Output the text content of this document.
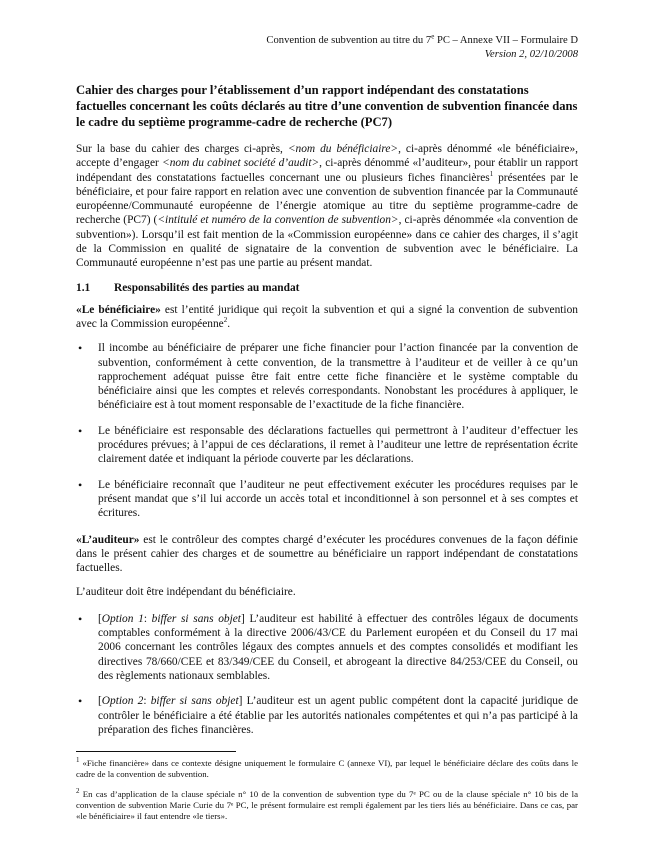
Convention de subvention au titre du 7e PC – Annexe VII – Formulaire D
Version 2, 02/10/2008
Cahier des charges pour l’établissement d’un rapport indépendant des constatations factuelles concernant les coûts déclarés au titre d’une convention de subvention financée dans le cadre du septième programme-cadre de recherche (PC7)

Sur la base du cahier des charges ci-après, <nom du bénéficiaire>, ci-après dénommé «le bénéficiaire», accepte d’engager <nom du cabinet société d’audit>, ci-après dénommé «l’auditeur», pour établir un rapport indépendant des constatations factuelles concernant une ou plusieurs fiches financières$^1$ présentées par le bénéficiaire, et pour faire rapport en relation avec une convention de subvention financée par la Communauté européenne/Communauté européenne de l’énergie atomique au titre du septième programme-cadre de recherche (PC7) (<intitulé et numéro de la convention de subvention>, ci-après dénommée «la convention de subvention»). Lorsqu’il est fait mention de la «Commission européenne» dans ce cahier des charges, il s’agit de la Commission en qualité de signataire de la convention de subvention avec le bénéficiaire. La Communauté européenne n’est pas une partie au présent mandat.

1.1	Responsabilités des parties au mandat

«Le bénéficiaire» est l’entité juridique qui reçoit la subvention et qui a signé la convention de subvention avec la Commission européenne$^2$.

• Il incombe au bénéficiaire de préparer une fiche financier pour l’action financée par la convention de subvention, conformément à cette convention, de la transmettre à l’auditeur et de veiller à ce qu’un rapprochement adéquat puisse être fait entre cette fiche financière et le système comptable du bénéficiaire ainsi que les comptes et relevés correspondants. Nonobstant les procédures à appliquer, le bénéficiaire est à tout moment responsable de l’exactitude de la fiche financière.
• Le bénéficiaire est responsable des déclarations factuelles qui permettront à l’auditeur d’effectuer les procédures prévues; à l’appui de ces déclarations, il remet à l’auditeur une lettre de représentation écrite clairement datée et indiquant la période couverte par les déclarations.
• Le bénéficiaire reconnaît que l’auditeur ne peut effectivement exécuter les procédures requises par le présent mandat que s’il lui accorde un accès total et inconditionnel à son personnel et à ses comptes et écritures.

«L’auditeur» est le contrôleur des comptes chargé d’exécuter les procédures convenues de la façon définie dans le présent cahier des charges et de soumettre au bénéficiaire un rapport indépendant de constatations factuelles.

L’auditeur doit être indépendant du bénéficiaire.

• [Option 1: biffer si sans objet] L’auditeur est habilité à effectuer des contrôles légaux de documents comptables conformément à la directive 2006/43/CE du Parlement européen et du Conseil du 17 mai 2006 concernant les contrôles légaux des comptes annuels et des comptes consolidés et modifiant les directives 78/660/CEE et 83/349/CEE du Conseil, et abrogeant la directive 84/253/CEE du Conseil, ou des règlements nationaux semblables.
• [Option 2: biffer si sans objet] L’auditeur est un agent public compétent dont la capacité juridique de contrôler le bénéficiaire a été établie par les autorités nationales compétentes et qui n’a pas participé à la préparation des fiches financières.
$^1$ «Fiche financière» dans ce contexte désigne uniquement le formulaire C (annexe VI), par lequel le bénéficiaire déclare des coûts dans le cadre de la convention de subvention.
$^2$ En cas d’application de la clause spéciale n° 10 de la convention de subvention type du 7ᵉ PC ou de la clause spéciale n° 10 bis de la convention de subvention Marie Curie du 7ᵉ PC, le présent formulaire est rempli également par les tiers liés au bénéficiaire. Dans ce cas, par «le bénéficiaire» il faut entendre «le tiers».
